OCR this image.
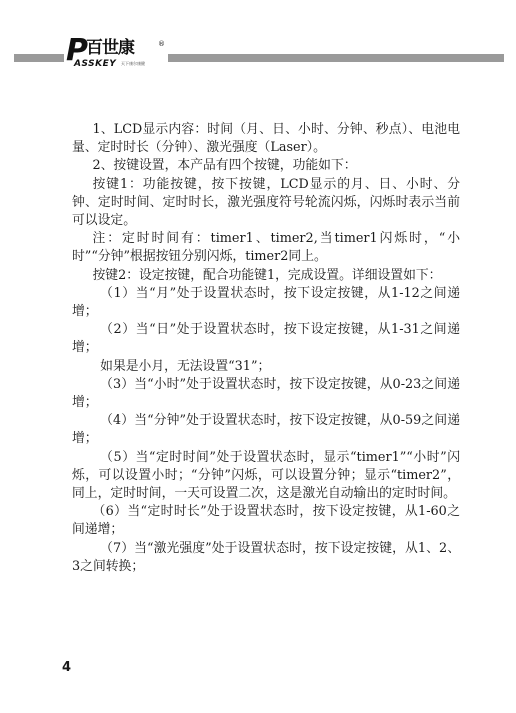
P
百世康	®
ASSKEY 天下康尔康健

1、LCD显示内容：时间（月、日、小时、分钟、秒点）、电池电量、定时时长（分钟）、激光强度（Laser）。

2、按键设置，本产品有四个按键，功能如下：

按键1：功能按键，按下按键，LCD显示的月、日、小时、分钟、定时时间、定时时长，激光强度符号轮流闪烁，闪烁时表示当前可以设定。

注：定时时间有：timer1、timer2,当timer1闪烁时，“小时”“分钟”根据按钮分别闪烁，timer2同上。

按键2：设定按键，配合功能键1，完成设置。详细设置如下：

（1）当“月”处于设置状态时，按下设定按键，从1-12之间递增；

（2）当“日”处于设置状态时，按下设定按键，从1-31之间递增；

如果是小月，无法设置“31”；

（3）当“小时”处于设置状态时，按下设定按键，从0-23之间递增；

（4）当“分钟”处于设置状态时，按下设定按键，从0-59之间递增；

（5）当“定时时间”处于设置状态时，显示“timer1”“小时”闪烁，可以设置小时；“分钟”闪烁，可以设置分钟；显示“timer2”，同上，定时时间，一天可设置二次，这是激光自动输出的定时时间。

（6）当“定时时长”处于设置状态时，按下设定按键，从1-60之间递增；

（7）当“激光强度”处于设置状态时，按下设定按键，从1、2、3之间转换；

4
